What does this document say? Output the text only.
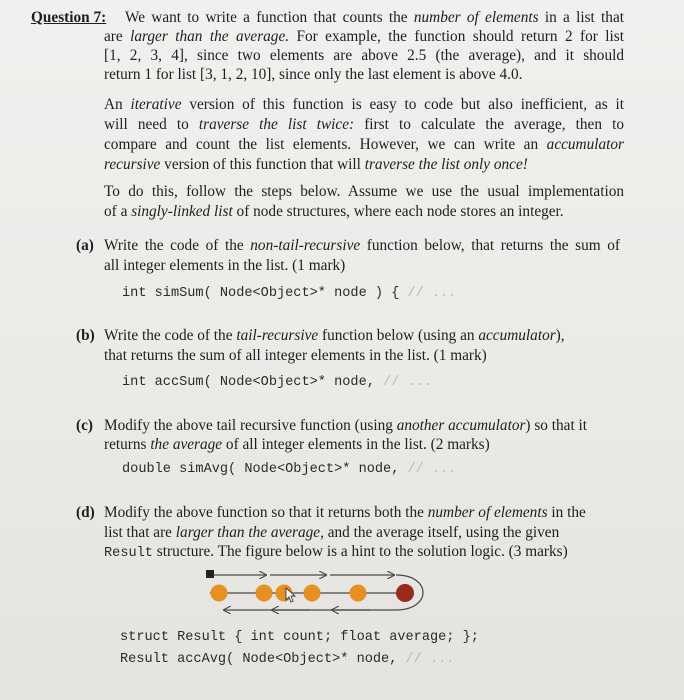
Question 7: We want to write a function that counts the number of elements in a list that
are larger than the average. For example, the function should return 2 for list
[1, 2, 3, 4], since two elements are above 2.5 (the average), and it should
return 1 for list [3, 1, 2, 10], since only the last element is above 4.0.
An iterative version of this function is easy to code but also inefficient, as it
will need to traverse the list twice: first to calculate the average, then to
compare and count the list elements. However, we can write an accumulator
recursive version of this function that will traverse the list only once!
To do this, follow the steps below. Assume we use the usual implementation
of a singly-linked list of node structures, where each node stores an integer.
(a) Write the code of the non-tail-recursive function below, that returns the sum of
all integer elements in the list. (1 mark)
int simSum( Node<Object>* node ) { // ...
(b) Write the code of the tail-recursive function below (using an accumulator),
that returns the sum of all integer elements in the list. (1 mark)
int accSum( Node<Object>* node, // ...
(c) Modify the above tail recursive function (using another accumulator) so that it
returns the average of all integer elements in the list. (2 marks)
double simAvg( Node<Object>* node, // ...
(d) Modify the above function so that it returns both the number of elements in the
list that are larger than the average, and the average itself, using the given
Result structure. The figure below is a hint to the solution logic. (3 marks)
struct Result { int count; float average; };
Result accAvg( Node<Object>* node, // ...
